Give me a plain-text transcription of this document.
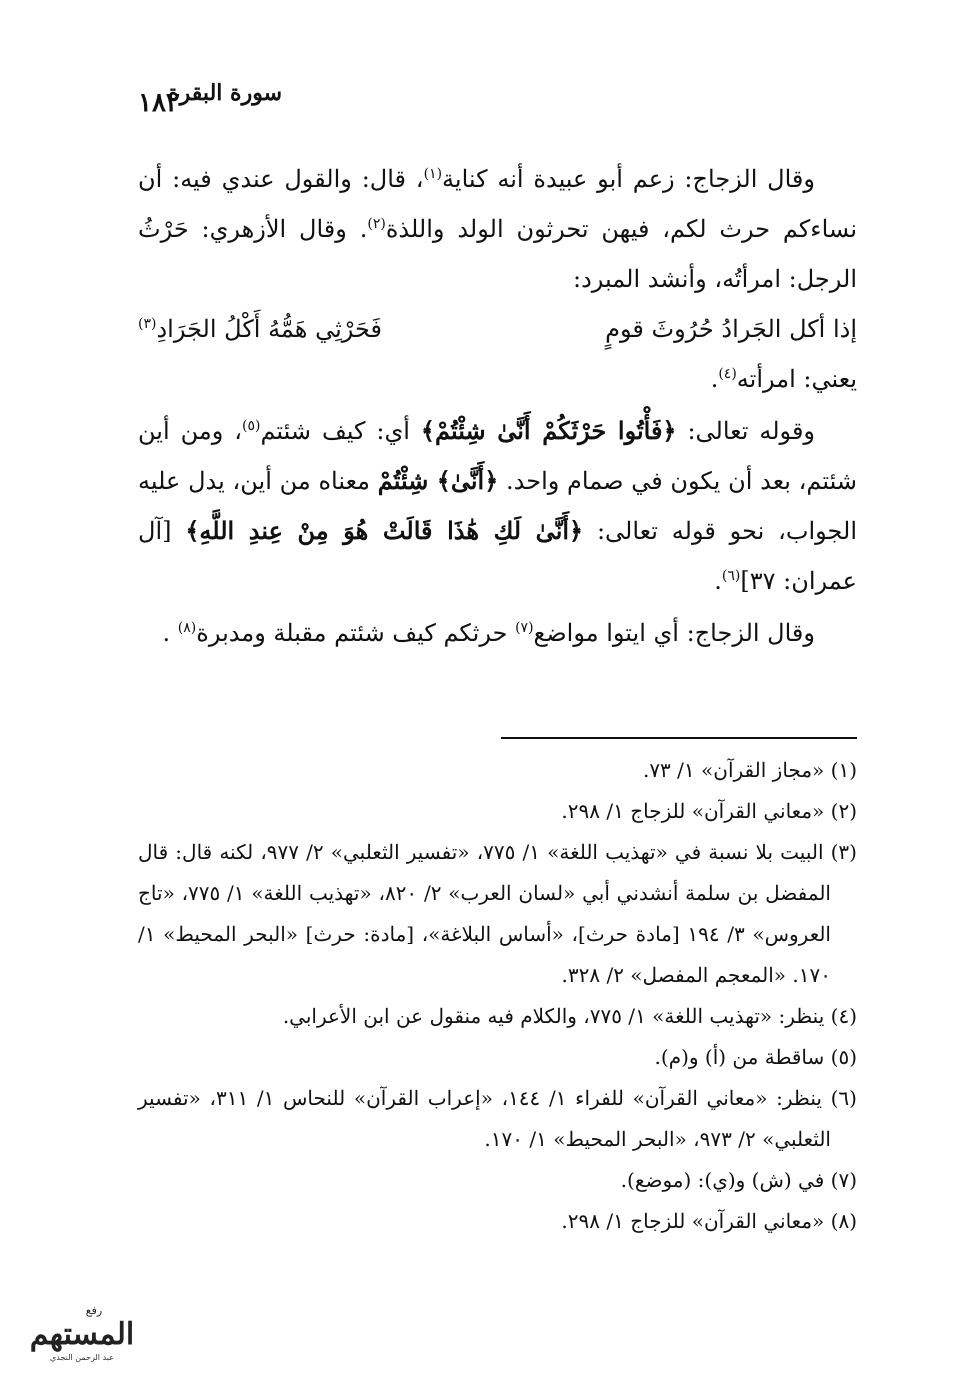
١٨٢
سورة البقرة

وقال الزجاج: زعم أبو عبيدة أنه كناية$^{(١)}$، قال: والقول عندي فيه: أن نساءكم حرث لكم، فيهن تحرثون الولد واللذة$^{(٢)}$. وقال الأزهري: حَرْثُ الرجل: امرأتُه، وأنشد المبرد:

إذا أكل الجَرادُ حُرُوثَ قومٍ
فَحَرْثِي هَمُّهُ أَكْلُ الجَرَادِ$^{(٣)}$

يعني: امرأته$^{(٤)}$.

وقوله تعالى: ﴿فَأْتُوا حَرْثَكُمْ أَنَّىٰ شِئْتُمْ﴾ أي: كيف شئتم$^{(٥)}$، ومن أين شئتم، بعد أن يكون في صمام واحد. ﴿أَنَّىٰ﴾ شِئْتُمْ معناه من أين، يدل عليه الجواب، نحو قوله تعالى: ﴿أَنَّىٰ لَكِ هَٰذَا قَالَتْ هُوَ مِنْ عِندِ اللَّهِ﴾ [آل عمران: ٣٧]$^{(٦)}$.

وقال الزجاج: أي ايتوا مواضع$^{(٧)}$ حرثكم كيف شئتم مقبلة ومدبرة$^{(٨)}$ .

(١) «مجاز القرآن» ١/ ٧٣.

(٢) «معاني القرآن» للزجاج ١/ ٢٩٨.

(٣) البيت بلا نسبة في «تهذيب اللغة» ١/ ٧٧٥، «تفسير الثعلبي» ٢/ ٩٧٧، لكنه قال: قال المفضل بن سلمة أنشدني أبي «لسان العرب» ٢/ ٨٢٠، «تهذيب اللغة» ١/ ٧٧٥، «تاج العروس» ٣/ ١٩٤ [مادة حرث]، «أساس البلاغة»، [مادة: حرث] «البحر المحيط» ١/ ١٧٠. «المعجم المفصل» ٢/ ٣٢٨.

(٤) ينظر: «تهذيب اللغة» ١/ ٧٧٥، والكلام فيه منقول عن ابن الأعرابي.

(٥) ساقطة من (أ) و(م).

(٦) ينظر: «معاني القرآن» للفراء ١/ ١٤٤، «إعراب القرآن» للنحاس ١/ ٣١١، «تفسير الثعلبي» ٢/ ٩٧٣، «البحر المحيط» ١/ ١٧٠.

(٧) في (ش) و(ي): (موضع).

(٨) «معاني القرآن» للزجاج ١/ ٢٩٨.

رفع
المستهم
عبد الرحمن النجدي
